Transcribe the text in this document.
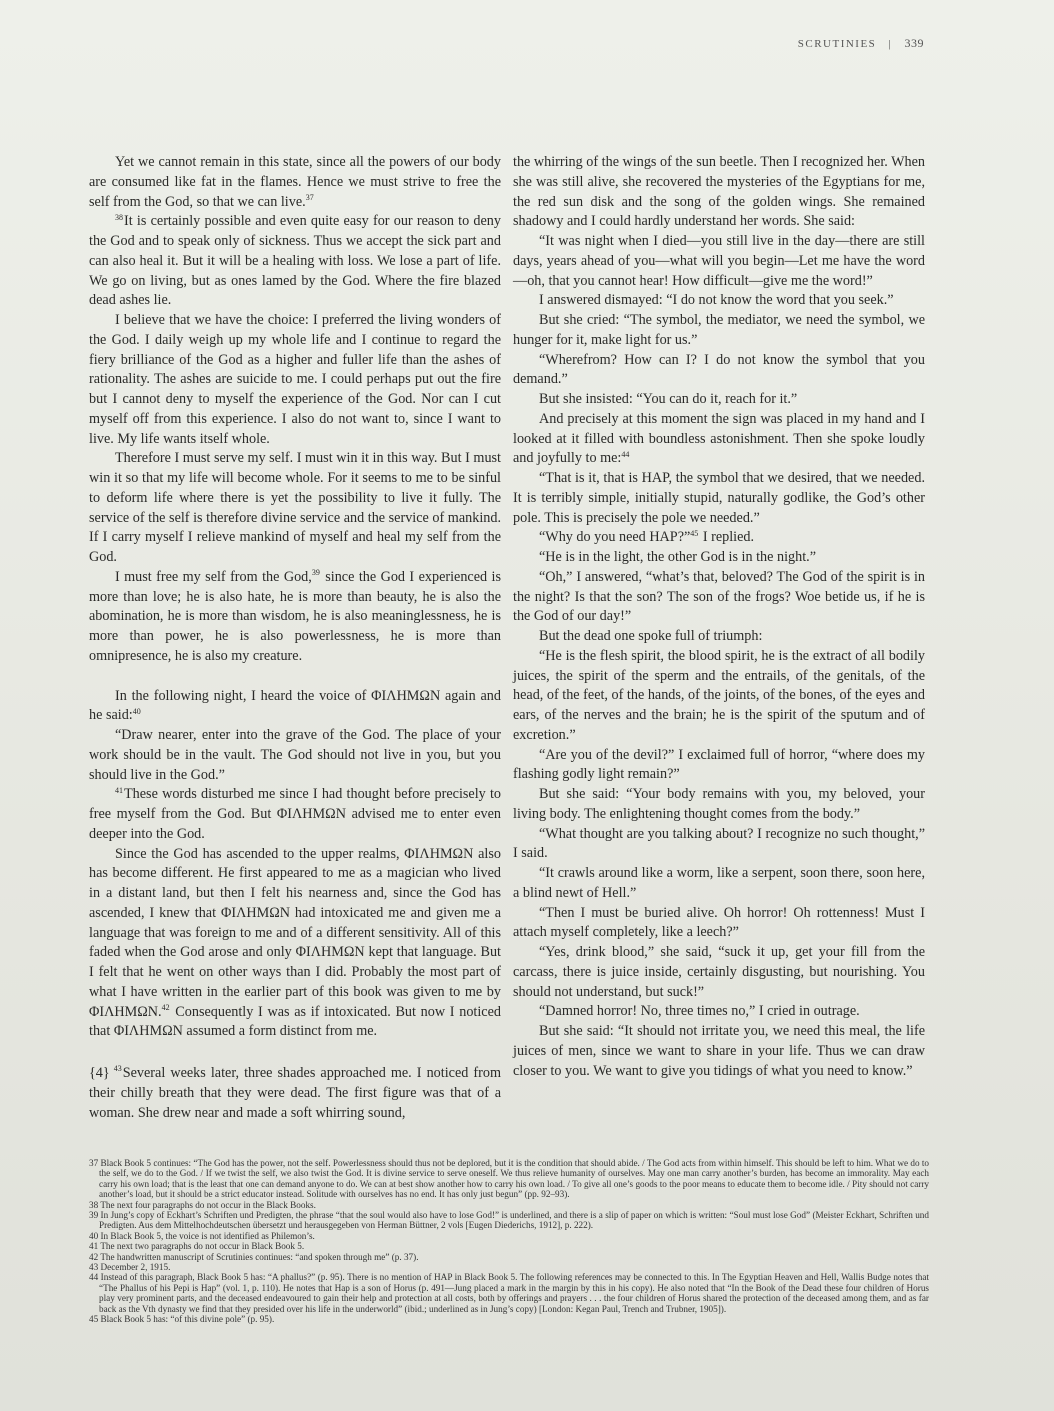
SCRUTINIES | 339

Yet we cannot remain in this state, since all the powers of our body are consumed like fat in the flames. Hence we must strive to free the self from the God, so that we can live.$^{37}$

$^{38}$It is certainly possible and even quite easy for our reason to deny the God and to speak only of sickness. Thus we accept the sick part and can also heal it. But it will be a healing with loss. We lose a part of life. We go on living, but as ones lamed by the God. Where the fire blazed dead ashes lie.

I believe that we have the choice: I preferred the living wonders of the God. I daily weigh up my whole life and I continue to regard the fiery brilliance of the God as a higher and fuller life than the ashes of rationality. The ashes are suicide to me. I could perhaps put out the fire but I cannot deny to myself the experience of the God. Nor can I cut myself off from this experience. I also do not want to, since I want to live. My life wants itself whole.

Therefore I must serve my self. I must win it in this way. But I must win it so that my life will become whole. For it seems to me to be sinful to deform life where there is yet the possibility to live it fully. The service of the self is therefore divine service and the service of mankind. If I carry myself I relieve mankind of myself and heal my self from the God.

I must free my self from the God,$^{39}$ since the God I experienced is more than love; he is also hate, he is more than beauty, he is also the abomination, he is more than wisdom, he is also meaninglessness, he is more than power, he is also powerlessness, he is more than omnipresence, he is also my creature.

In the following night, I heard the voice of ΦΙΛΗΜΩΝ again and he said:$^{40}$

“Draw nearer, enter into the grave of the God. The place of your work should be in the vault. The God should not live in you, but you should live in the God.”

$^{41}$These words disturbed me since I had thought before precisely to free myself from the God. But ΦΙΛΗΜΩΝ advised me to enter even deeper into the God.

Since the God has ascended to the upper realms, ΦΙΛΗΜΩΝ also has become different. He first appeared to me as a magician who lived in a distant land, but then I felt his nearness and, since the God has ascended, I knew that ΦΙΛΗΜΩΝ had intoxicated me and given me a language that was foreign to me and of a different sensitivity. All of this faded when the God arose and only ΦΙΛΗΜΩΝ kept that language. But I felt that he went on other ways than I did. Probably the most part of what I have written in the earlier part of this book was given to me by ΦΙΛΗΜΩΝ.$^{42}$ Consequently I was as if intoxicated. But now I noticed that ΦΙΛΗΜΩΝ assumed a form distinct from me.

{4} $^{43}$Several weeks later, three shades approached me. I noticed from their chilly breath that they were dead. The first figure was that of a woman. She drew near and made a soft whirring sound,

the whirring of the wings of the sun beetle. Then I recognized her. When she was still alive, she recovered the mysteries of the Egyptians for me, the red sun disk and the song of the golden wings. She remained shadowy and I could hardly understand her words. She said:

“It was night when I died—you still live in the day—there are still days, years ahead of you—what will you begin—Let me have the word—oh, that you cannot hear! How difficult—give me the word!”

I answered dismayed: “I do not know the word that you seek.”

But she cried: “The symbol, the mediator, we need the symbol, we hunger for it, make light for us.”

“Wherefrom? How can I? I do not know the symbol that you demand.”

But she insisted: “You can do it, reach for it.”

And precisely at this moment the sign was placed in my hand and I looked at it filled with boundless astonishment. Then she spoke loudly and joyfully to me:$^{44}$

“That is it, that is HAP, the symbol that we desired, that we needed. It is terribly simple, initially stupid, naturally godlike, the God’s other pole. This is precisely the pole we needed.”

“Why do you need HAP?”$^{45}$ I replied.

“He is in the light, the other God is in the night.”

“Oh,” I answered, “what’s that, beloved? The God of the spirit is in the night? Is that the son? The son of the frogs? Woe betide us, if he is the God of our day!”

But the dead one spoke full of triumph:

“He is the flesh spirit, the blood spirit, he is the extract of all bodily juices, the spirit of the sperm and the entrails, of the genitals, of the head, of the feet, of the hands, of the joints, of the bones, of the eyes and ears, of the nerves and the brain; he is the spirit of the sputum and of excretion.”

“Are you of the devil?” I exclaimed full of horror, “where does my flashing godly light remain?”

But she said: “Your body remains with you, my beloved, your living body. The enlightening thought comes from the body.”

“What thought are you talking about? I recognize no such thought,” I said.

“It crawls around like a worm, like a serpent, soon there, soon here, a blind newt of Hell.”

“Then I must be buried alive. Oh horror! Oh rottenness! Must I attach myself completely, like a leech?”

“Yes, drink blood,” she said, “suck it up, get your fill from the carcass, there is juice inside, certainly disgusting, but nourishing. You should not understand, but suck!”

“Damned horror! No, three times no,” I cried in outrage.

But she said: “It should not irritate you, we need this meal, the life juices of men, since we want to share in your life. Thus we can draw closer to you. We want to give you tidings of what you need to know.”

37 Black Book 5 continues: “The God has the power, not the self. Powerlessness should thus not be deplored, but it is the condition that should abide. / The God acts from within himself. This should be left to him. What we do to the self, we do to the God. / If we twist the self, we also twist the God. It is divine service to serve oneself. We thus relieve humanity of ourselves. May one man carry another’s burden, has become an immorality. May each carry his own load; that is the least that one can demand anyone to do. We can at best show another how to carry his own load. / To give all one’s goods to the poor means to educate them to become idle. / Pity should not carry another’s load, but it should be a strict educator instead. Solitude with ourselves has no end. It has only just begun” (pp. 92–93).

38 The next four paragraphs do not occur in the Black Books.

39 In Jung’s copy of Eckhart’s Schriften und Predigten, the phrase “that the soul would also have to lose God!” is underlined, and there is a slip of paper on which is written: “Soul must lose God” (Meister Eckhart, Schriften und Predigten. Aus dem Mittelhochdeutschen übersetzt und herausgegeben von Herman Büttner, 2 vols [Eugen Diederichs, 1912], p. 222).

40 In Black Book 5, the voice is not identified as Philemon’s.

41 The next two paragraphs do not occur in Black Book 5.

42 The handwritten manuscript of Scrutinies continues: “and spoken through me” (p. 37).

43 December 2, 1915.

44 Instead of this paragraph, Black Book 5 has: “A phallus?” (p. 95). There is no mention of HAP in Black Book 5. The following references may be connected to this. In The Egyptian Heaven and Hell, Wallis Budge notes that “The Phallus of his Pepi is Hap” (vol. 1, p. 110). He notes that Hap is a son of Horus (p. 491—Jung placed a mark in the margin by this in his copy). He also noted that “In the Book of the Dead these four children of Horus play very prominent parts, and the deceased endeavoured to gain their help and protection at all costs, both by offerings and prayers . . . the four children of Horus shared the protection of the deceased among them, and as far back as the Vth dynasty we find that they presided over his life in the underworld” (ibid.; underlined as in Jung’s copy) [London: Kegan Paul, Trench and Trubner, 1905]).

45 Black Book 5 has: “of this divine pole” (p. 95).
